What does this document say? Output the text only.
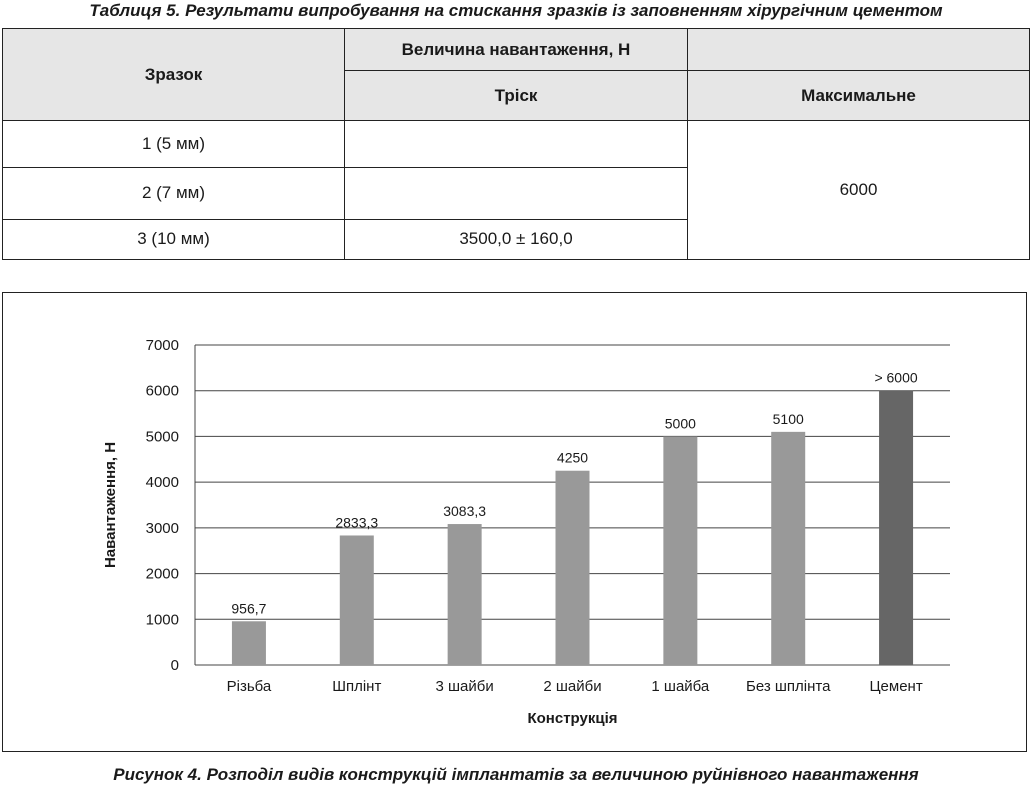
Таблиця 5. Результати випробування на стискання зразків із заповненням хірургічним цементом
Зразок	Величина навантаження, Н	
	Тріск	Максимальне
1 (5 мм)		6000
2 (7 мм)		
3 (10 мм)	3500,0 ± 160,0	
0
1000
2000
3000
4000
5000
6000
7000
956,7
Різьба
2833,3
Шплінт
3083,3
3 шайби
4250
2 шайби
5000
1 шайба
5100
Без шплінта
> 6000
Цемент
Конструкція
Навантаження, Н
Рисунок 4. Розподіл видів конструкцій імплантатів за величиною руйнівного навантаження
